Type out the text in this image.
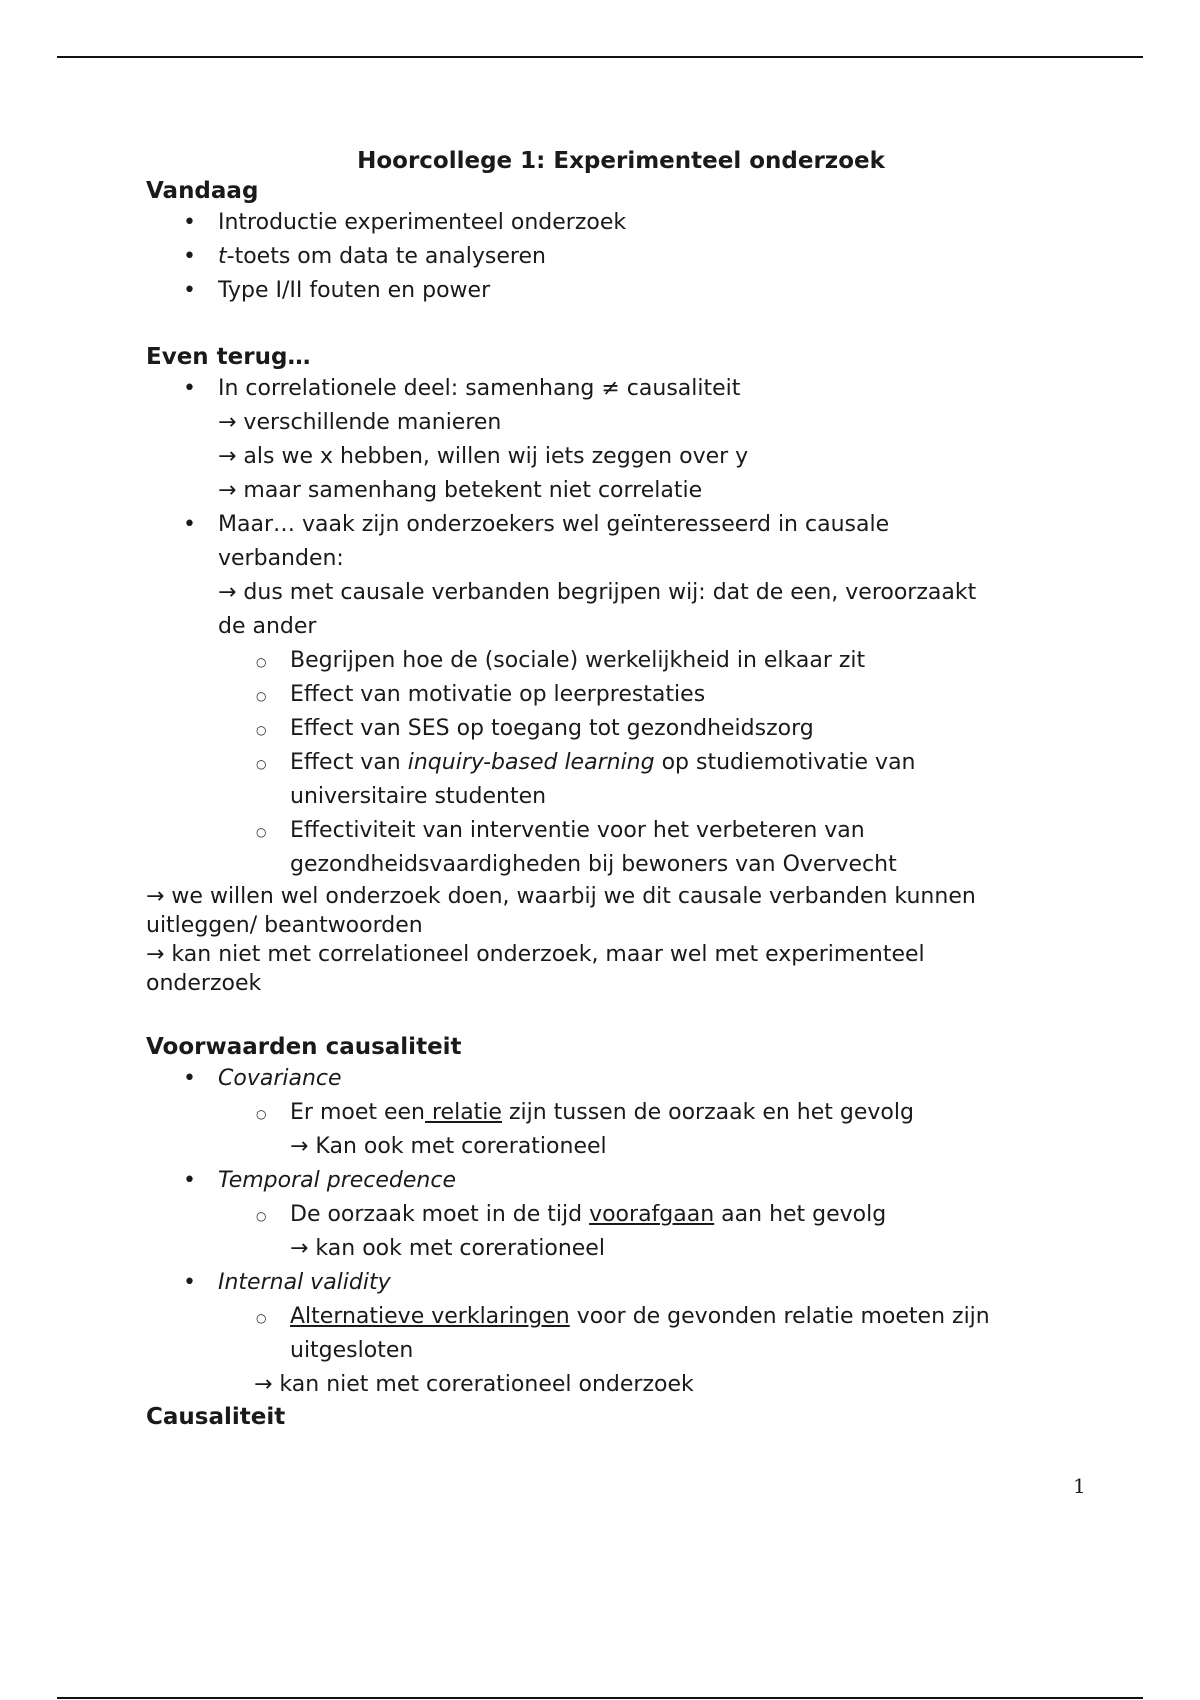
Hoorcollege 1: Experimenteel onderzoek

Vandaag
• Introductie experimenteel onderzoek
• t-toets om data te analyseren
• Type I/II fouten en power
Even terug…
• In correlationele deel: samenhang ≠ causaliteit
→ verschillende manieren
→ als we x hebben, willen wij iets zeggen over y
→ maar samenhang betekent niet correlatie
• Maar… vaak zijn onderzoekers wel geïnteresseerd in causale
verbanden:
→ dus met causale verbanden begrijpen wij: dat de een, veroorzaakt
de ander
○ Begrijpen hoe de (sociale) werkelijkheid in elkaar zit
○ Effect van motivatie op leerprestaties
○ Effect van SES op toegang tot gezondheidszorg
○ Effect van inquiry-based learning op studiemotivatie van
universitaire studenten
○ Effectiviteit van interventie voor het verbeteren van
gezondheidsvaardigheden bij bewoners van Overvecht
→ we willen wel onderzoek doen, waarbij we dit causale verbanden kunnen
uitleggen/ beantwoorden
→ kan niet met correlationeel onderzoek, maar wel met experimenteel
onderzoek
Voorwaarden causaliteit
• Covariance
○ Er moet een relatie zijn tussen de oorzaak en het gevolg
→ Kan ook met corerationeel
• Temporal precedence
○ De oorzaak moet in de tijd voorafgaan aan het gevolg
→ kan ook met corerationeel
• Internal validity
○ Alternatieve verklaringen voor de gevonden relatie moeten zijn
uitgesloten
→ kan niet met corerationeel onderzoek
Causaliteit
1
